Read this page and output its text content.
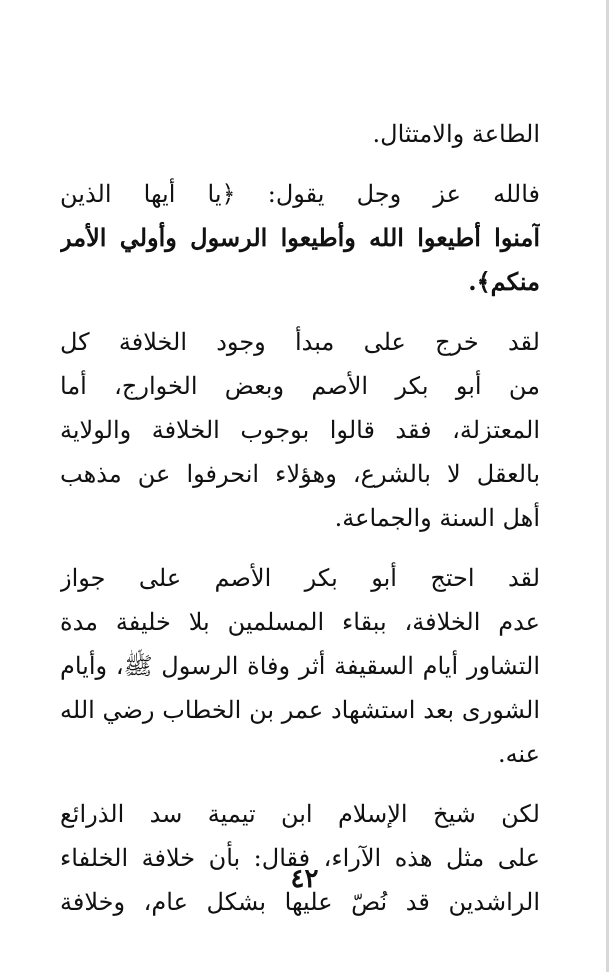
الطاعة والامتثال.
فالله عز وجل يقول: ﴿يا أيها الذين
آمنوا أطيعوا الله وأطيعوا الرسول وأولي الأمر
منكم﴾.
لقد خرج على مبدأ وجود الخلافة كل
من أبو بكر الأصم وبعض الخوارج، أما
المعتزلة، فقد قالوا بوجوب الخلافة والولاية
بالعقل لا بالشرع، وهؤلاء انحرفوا عن مذهب
أهل السنة والجماعة.
لقد احتج أبو بكر الأصم على جواز
عدم الخلافة، ببقاء المسلمين بلا خليفة مدة
التشاور أيام السقيفة أثر وفاة الرسول ﷺ، وأيام
الشورى بعد استشهاد عمر بن الخطاب رضي الله
عنه.
لكن شيخ الإسلام ابن تيمية سد الذرائع
على مثل هذه الآراء، فقال: بأن خلافة الخلفاء
الراشدين قد نُصّ عليها بشكل عام، وخلافة
٤٢
